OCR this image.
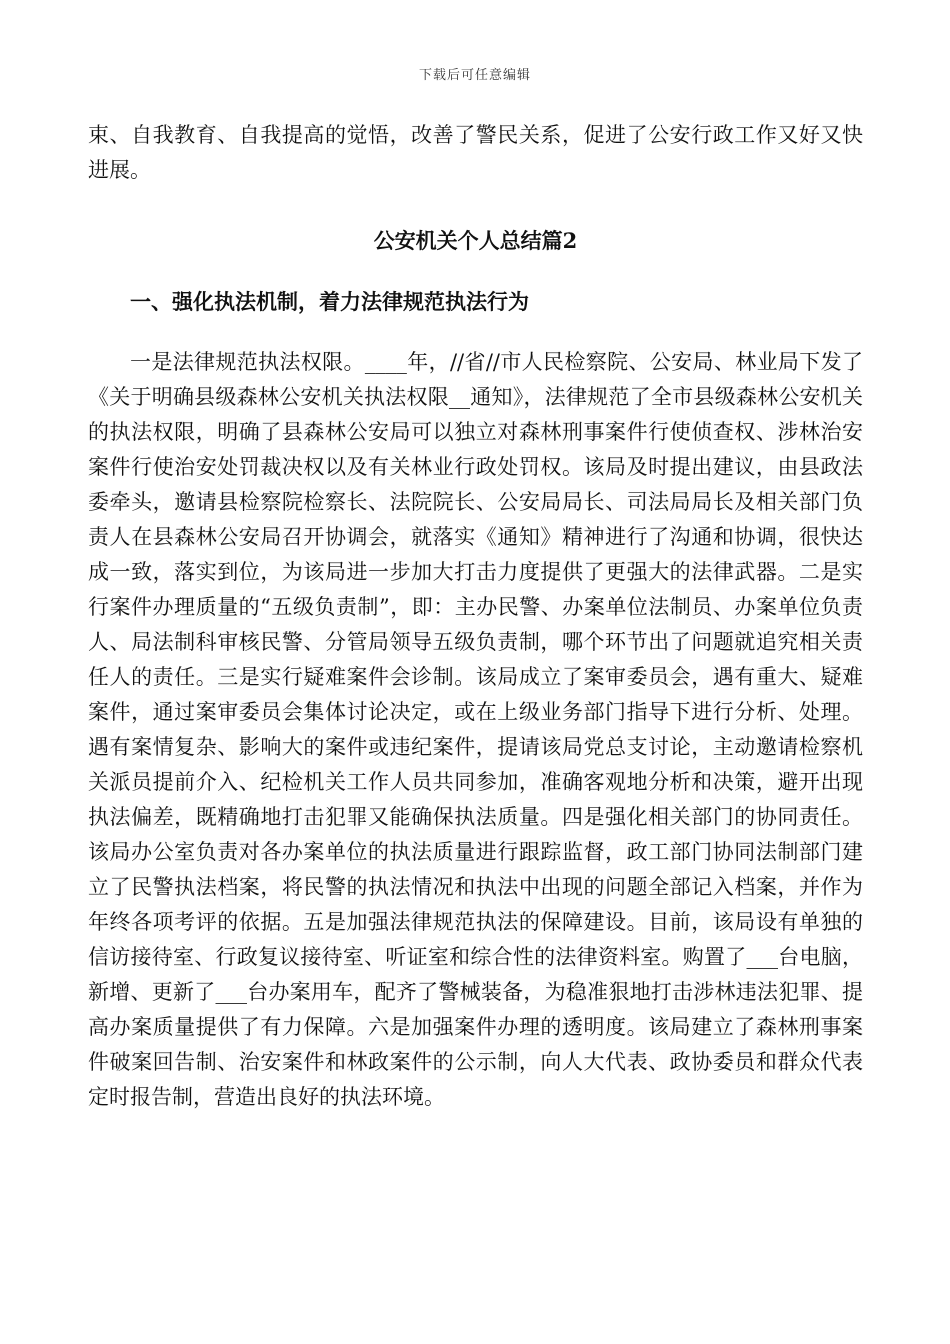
下载后可任意编辑

束、自我教育、自我提高的觉悟，改善了警民关系，促进了公安行政工作又好又快进展。

公安机关个人总结篇2
一、强化执法机制，着力法律规范执法行为

一是法律规范执法权限。____年，//省//市人民检察院、公安局、林业局下发了《关于明确县级森林公安机关执法权限__通知》，法律规范了全市县级森林公安机关的执法权限，明确了县森林公安局可以独立对森林刑事案件行使侦查权、涉林治安案件行使治安处罚裁决权以及有关林业行政处罚权。该局及时提出建议，由县政法委牵头，邀请县检察院检察长、法院院长、公安局局长、司法局局长及相关部门负责人在县森林公安局召开协调会，就落实《通知》精神进行了沟通和协调，很快达成一致，落实到位，为该局进一步加大打击力度提供了更强大的法律武器。二是实行案件办理质量的“五级负责制”，即：主办民警、办案单位法制员、办案单位负责人、局法制科审核民警、分管局领导五级负责制，哪个环节出了问题就追究相关责任人的责任。三是实行疑难案件会诊制。该局成立了案审委员会，遇有重大、疑难案件，通过案审委员会集体讨论决定，或在上级业务部门指导下进行分析、处理。遇有案情复杂、影响大的案件或违纪案件，提请该局党总支讨论，主动邀请检察机关派员提前介入、纪检机关工作人员共同参加，准确客观地分析和决策，避开出现执法偏差，既精确地打击犯罪又能确保执法质量。四是强化相关部门的协同责任。该局办公室负责对各办案单位的执法质量进行跟踪监督，政工部门协同法制部门建立了民警执法档案，将民警的执法情况和执法中出现的问题全部记入档案，并作为年终各项考评的依据。五是加强法律规范执法的保障建设。目前，该局设有单独的信访接待室、行政复议接待室、听证室和综合性的法律资料室。购置了___台电脑，新增、更新了___台办案用车，配齐了警械装备，为稳准狠地打击涉林违法犯罪、提高办案质量提供了有力保障。六是加强案件办理的透明度。该局建立了森林刑事案件破案回告制、治安案件和林政案件的公示制，向人大代表、政协委员和群众代表定时报告制，营造出良好的执法环境。
